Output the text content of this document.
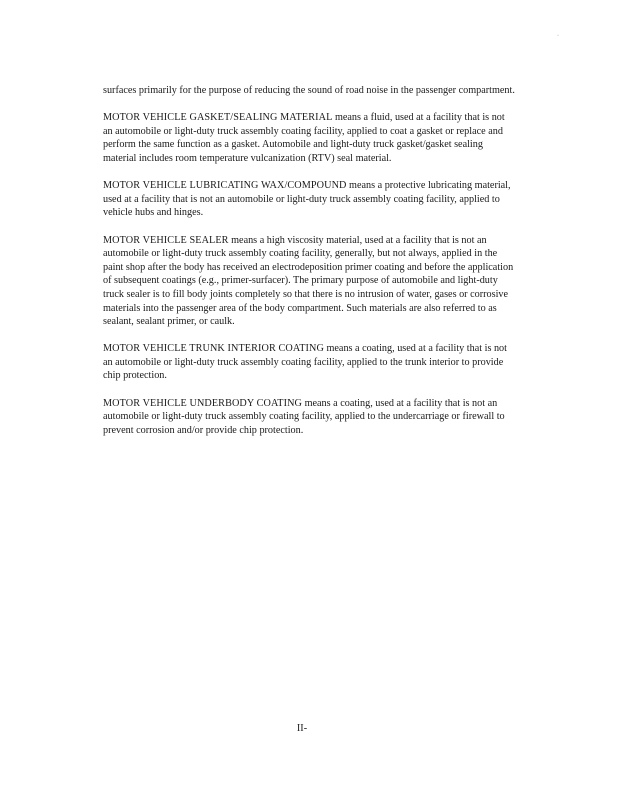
·

surfaces primarily for the purpose of reducing the sound of road noise in the passenger compartment.

MOTOR VEHICLE GASKET/SEALING MATERIAL means a fluid, used at a facility that is not an automobile or light-duty truck assembly coating facility, applied to coat a gasket or replace and perform the same function as a gasket. Automobile and light-duty truck gasket/gasket sealing material includes room temperature vulcanization (RTV) seal material.

MOTOR VEHICLE LUBRICATING WAX/COMPOUND means a protective lubricating material, used at a facility that is not an automobile or light-duty truck assembly coating facility, applied to vehicle hubs and hinges.

MOTOR VEHICLE SEALER means a high viscosity material, used at a facility that is not an automobile or light-duty truck assembly coating facility, generally, but not always, applied in the paint shop after the body has received an electrodeposition primer coating and before the application of subsequent coatings (e.g., primer-surfacer). The primary purpose of automobile and light-duty truck sealer is to fill body joints completely so that there is no intrusion of water, gases or corrosive materials into the passenger area of the body compartment. Such materials are also referred to as sealant, sealant primer, or caulk.

MOTOR VEHICLE TRUNK INTERIOR COATING means a coating, used at a facility that is not an automobile or light-duty truck assembly coating facility, applied to the trunk interior to provide chip protection.

MOTOR VEHICLE UNDERBODY COATING means a coating, used at a facility that is not an automobile or light-duty truck assembly coating facility, applied to the undercarriage or firewall to prevent corrosion and/or provide chip protection.

II-
